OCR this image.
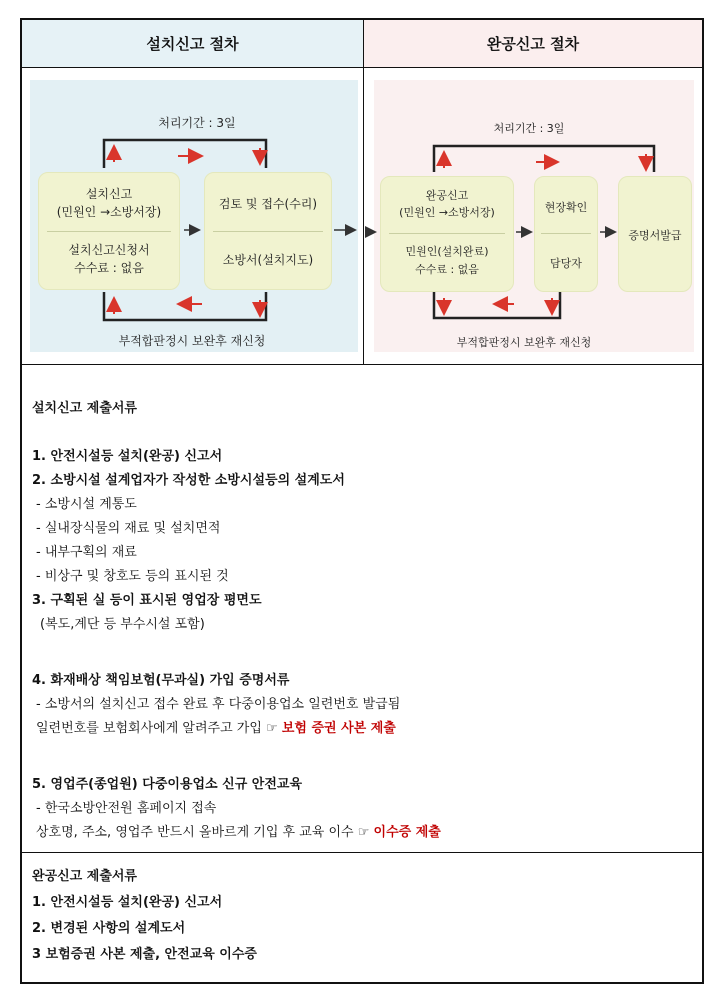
설치신고 절차	완공신고 절차
처리기간 : 3일
설치신고
(민원인 →소방서장)
설치신고신청서
수수료 : 없음
검토 및 접수(수리)
소방서(설치지도)
부적합판정시 보완후 재신청
처리기간 : 3일
완공신고
(민원인 →소방서장)
민원인(설치완료)
수수료 : 없음
현장확인
담당자
증명서발급
부적합판정시 보완후 재신청
설치신고 제출서류
1. 안전시설등 설치(완공) 신고서
2. 소방시설 설계업자가 작성한 소방시설등의 설계도서
- 소방시설 계통도
- 실내장식물의 재료 및 설치면적
- 내부구획의 재료
- 비상구 및 창호도 등의 표시된 것
3. 구획된 실 등이 표시된 영업장 평면도
(복도,계단 등 부수시설 포함)
4. 화재배상 책임보험(무과실) 가입 증명서류
- 소방서의 설치신고 접수 완료 후 다중이용업소 일련번호 발급됨
일련번호를 보험회사에게 알려주고 가입 ☞ 보험 증권 사본 제출
5. 영업주(종업원) 다중이용업소 신규 안전교육
- 한국소방안전원 홈페이지 접속
상호명, 주소, 영업주 반드시 올바르게 기입 후 교육 이수 ☞ 이수증 제출
완공신고 제출서류
1. 안전시설등 설치(완공) 신고서
2. 변경된 사항의 설계도서
3 보험증권 사본 제출, 안전교육 이수증
